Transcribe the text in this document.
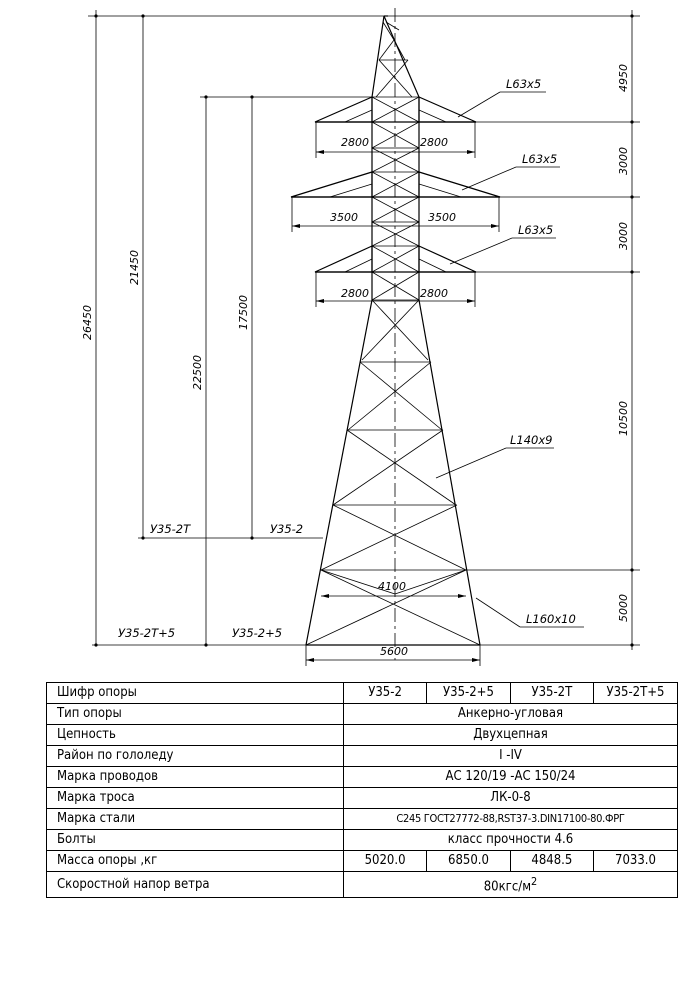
2800	2800
3500	3500
2800	2800
4100
5600
4950
3000
3000
10500
5000
26450
21450
22500
17500
У35-2Т	У35-2
У35-2Т+5	У35-2+5
L63x5
L63x5
L63x5
L140x9
L160x10
Шифр опоры	У35-2	У35-2+5	У35-2Т	У35-2Т+5
Тип опоры	Анкерно-угловая			
Цепность	Двухцепная			
Район по гололеду	I -IV			
Марка проводов	АС 120/19 -АС 150/24			
Марка троса	ЛК-0-8			
Марка стали	С245 ГОСТ27772-88,RST37-3.DIN17100-80.ФРГ			
Болты	класс прочности 4.6			
Масса опоры ,кг	5020.0	6850.0	4848.5	7033.0
Скоростной напор ветра	$80кгс/м^2$
